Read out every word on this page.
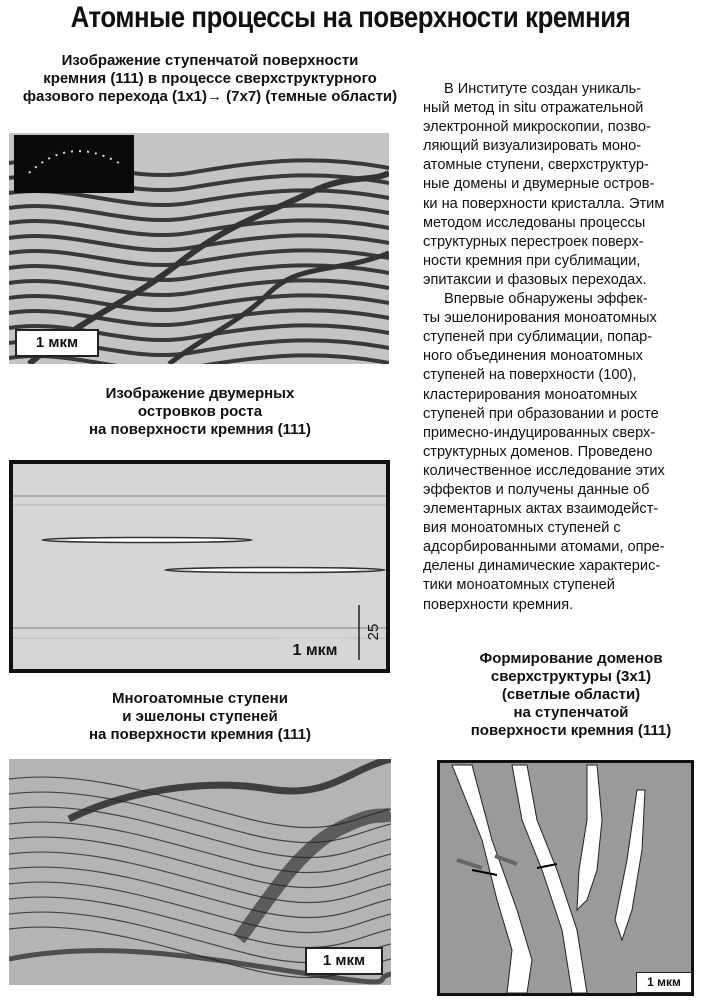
Атомные процессы на поверхности кремния
Изображение ступенчатой поверхности
кремния (111) в процессе сверхструктурного
фазового перехода (1x1)→ (7x7) (темные области)
1 мкм
В Институте создан уникаль-
ный метод in situ отражательной
электронной микроскопии, позво-
ляющий визуализировать моно-
атомные ступени, сверхструктур-
ные домены и двумерные остров-
ки на поверхности кристалла. Этим
методом исследованы процессы
структурных перестроек поверх-
ности кремния при сублимации,
эпитаксии и фазовых переходах.
Впервые обнаружены эффек-
ты эшелонирования моноатомных
ступеней при сублимации, попар-
ного объединения моноатомных
ступеней на поверхности (100),
кластерирования моноатомных
ступеней при образовании и росте
примесно-индуцированных сверх-
структурных доменов. Проведено
количественное исследование этих
эффектов и получены данные об
элементарных актах взаимодейст-
вия моноатомных ступеней с
адсорбированными атомами, опре-
делены динамические характерис-
тики моноатомных ступеней
поверхности кремния.
Изображение двумерных
островков роста
на поверхности кремния (111)
1 мкм
25
Многоатомные ступени
и эшелоны ступеней
на поверхности кремния (111)
1 мкм
Формирование доменов
сверхструктуры (3x1)
(светлые области)
на ступенчатой
поверхности кремния (111)
1 мкм
